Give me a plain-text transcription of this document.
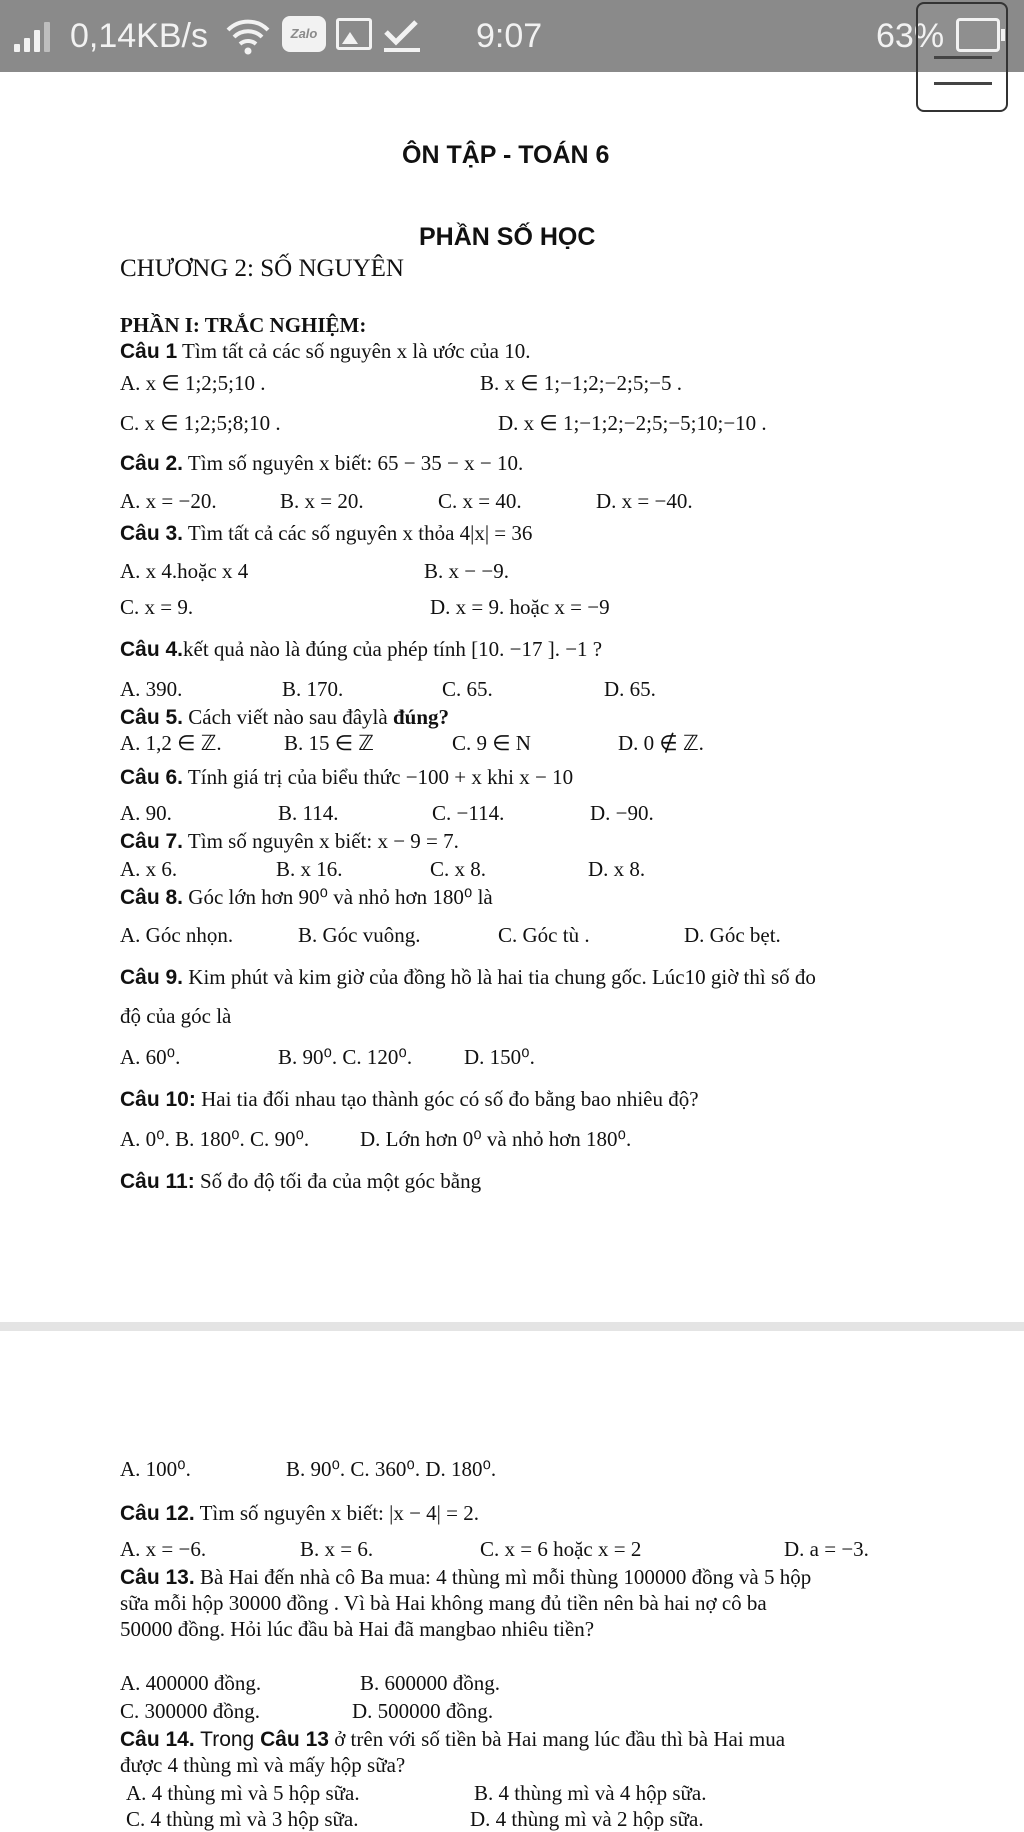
ÔN TẬP - TOÁN 6
PHẦN SỐ HỌC
CHƯƠNG 2: SỐ NGUYÊN
PHẦN I: TRẮC NGHIỆM:
Câu 1 Tìm tất cả các số nguyên x là ước của 10.
A. x ∈ 1;2;5;10 .	B. x ∈ 1;−1;2;−2;5;−5 .
C. x ∈ 1;2;5;8;10 .	D. x ∈ 1;−1;2;−2;5;−5;10;−10 .
Câu 2. Tìm số nguyên x biết: 65 − 35 − x − 10.
A. x = −20.	B. x = 20.	C. x = 40.	D. x = −40.
Câu 3. Tìm tất cả các số nguyên x thỏa 4|x| = 36
A. x 4.hoặc x 4	B. x − −9.
C. x = 9.	D. x = 9. hoặc x = −9
Câu 4.kết quả nào là đúng của phép tính [10. −17 ]. −1 ?
A. 390.	B. 170.	C. 65.	D. 65.
Câu 5. Cách viết nào sau đâylà đúng?
A. 1,2 ∈ ℤ.	B. 15 ∈ ℤ	C. 9 ∈ N	D. 0 ∉ ℤ.
Câu 6. Tính giá trị của biểu thức −100 + x khi x − 10
A. 90.	B. 114.	C. −114.	D. −90.
Câu 7. Tìm số nguyên x biết: x − 9 = 7.
A. x 6.	B. x 16.	C. x 8.	D. x 8.
Câu 8. Góc lớn hơn 90⁰ và nhỏ hơn 180⁰ là
A. Góc nhọn.	B. Góc vuông.	C. Góc tù .	D. Góc bẹt.
Câu 9. Kim phút và kim giờ của đồng hồ là hai tia chung gốc. Lúc10 giờ thì số đo
độ của góc là
A. 60⁰.	B. 90⁰. C. 120⁰. D. 150⁰.
Câu 10: Hai tia đối nhau tạo thành góc có số đo bằng bao nhiêu độ?
A. 0⁰. B. 180⁰. C. 90⁰. D. Lớn hơn 0⁰ và nhỏ hơn 180⁰.
Câu 11: Số đo độ tối đa của một góc bằng
A. 100⁰.	B. 90⁰. C. 360⁰. D. 180⁰.
Câu 12. Tìm số nguyên x biết: |x − 4| = 2.
A. x = −6.	B. x = 6.	C. x = 6 hoặc x = 2	D. a = −3.
Câu 13. Bà Hai đến nhà cô Ba mua: 4 thùng mì mỗi thùng 100000 đồng và 5 hộp
sữa mỗi hộp 30000 đồng . Vì bà Hai không mang đủ tiền nên bà hai nợ cô ba
50000 đồng. Hỏi lúc đầu bà Hai đã mangbao nhiêu tiền?
A. 400000 đồng.	B. 600000 đồng.
C. 300000 đồng.	D. 500000 đồng.
Câu 14. Trong Câu 13 ở trên với số tiền bà Hai mang lúc đầu thì bà Hai mua
được 4 thùng mì và mấy hộp sữa?
A. 4 thùng mì và 5 hộp sữa.	B. 4 thùng mì và 4 hộp sữa.
C. 4 thùng mì và 3 hộp sữa.	D. 4 thùng mì và 2 hộp sữa.
0,14KB/s	Zalo	9:07	63%
